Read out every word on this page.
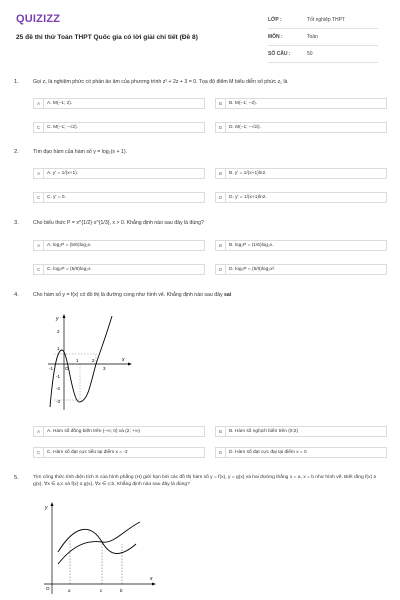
QUIZIZZ
25 đề thi thử Toán THPT Quốc gia có lời giải chi tiết (Đề 8)
LỚP :	Tốt nghiệp THPT
MÔN :	Toán
SỐ CÂU :	50
1.	Gọi z₁ là nghiệm phức có phần ảo âm của phương trình z² + 2z + 3 = 0. Tọa độ điểm M biểu diễn số phức z₁ là
A	A. M(−1; 2).	B	B. M(−1; −2).
C	C. M(−1; −√2).	D	D. M(−1; −√2i).
2.	Tìm đạo hàm của hàm số y = log₂(x + 1).
A	A. y' = 1/(x+1).	B	B. y' = 1/(x+1)ln2.
C	C. y' = 0.	D	D. y' = 1/(x+1)ln2.
3.	Cho biểu thức P = x^{1/2}·x^{1/3}, x > 0. Khẳng định nào sau đây là đúng?
A	A. log₂P = (5/6)log₂x.	B	B. log₂P = (1/6)log₂x.
C	C. log₂P = (5/6)log₂x.	D	D. log₂P = (5/6)log₂x².
4.	Cho hàm số y = f(x) có đồ thị là đường cong như hình vẽ. Khẳng định nào sau đây sai
y
x
O
2
1
-1
-2
-3
-1
1	2
3
A	A. Hàm số đồng biến trên (−∞; 0) và (2; +∞)	B	B. Hàm số nghịch biến trên (0;2)
C	C. Hàm số đạt cực tiểu tại điểm x = -2	D	D. Hàm số đạt cực đại tại điểm x = 0
5.	Tìm công thức tính diện tích S của hình phẳng (H) giới hạn bởi các đồ thị hàm số y = f(x), y = g(x) và hai đường thẳng x = a, x = b như hình vẽ. Biết rằng f(x) ≥ g(x), ∀x ∈ a;c và f(x) ≤ g(x), ∀x ∈ c;b. Khẳng định nào sau đây là đúng?
y
x
O	a	c	b
